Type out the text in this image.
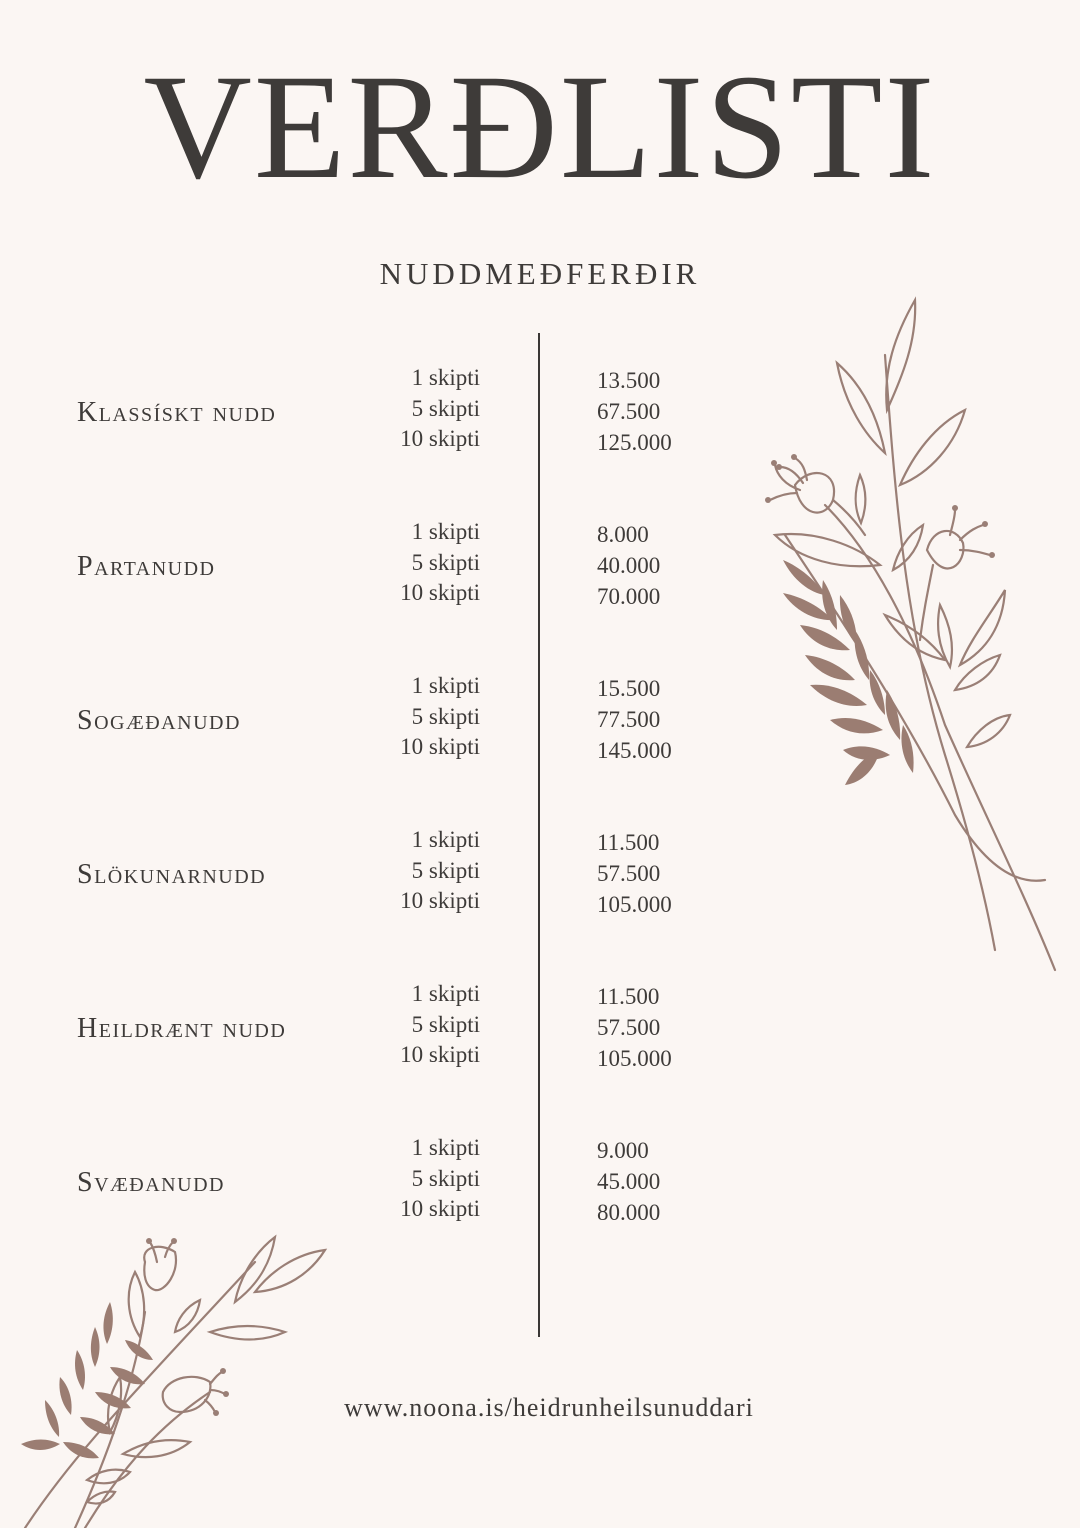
VERÐLISTI
NUDDMEÐFERÐIR
Klassískt nudd
1 skipti
5 skipti
10 skipti
13.500
67.500
125.000
Partanudd
1 skipti
5 skipti
10 skipti
8.000
40.000
70.000
Sogæðanudd
1 skipti
5 skipti
10 skipti
15.500
77.500
145.000
Slökunarnudd
1 skipti
5 skipti
10 skipti
11.500
57.500
105.000
Heildrænt nudd
1 skipti
5 skipti
10 skipti
11.500
57.500
105.000
Svæðanudd
1 skipti
5 skipti
10 skipti
9.000
45.000
80.000
www.noona.is/heidrunheilsunuddari
